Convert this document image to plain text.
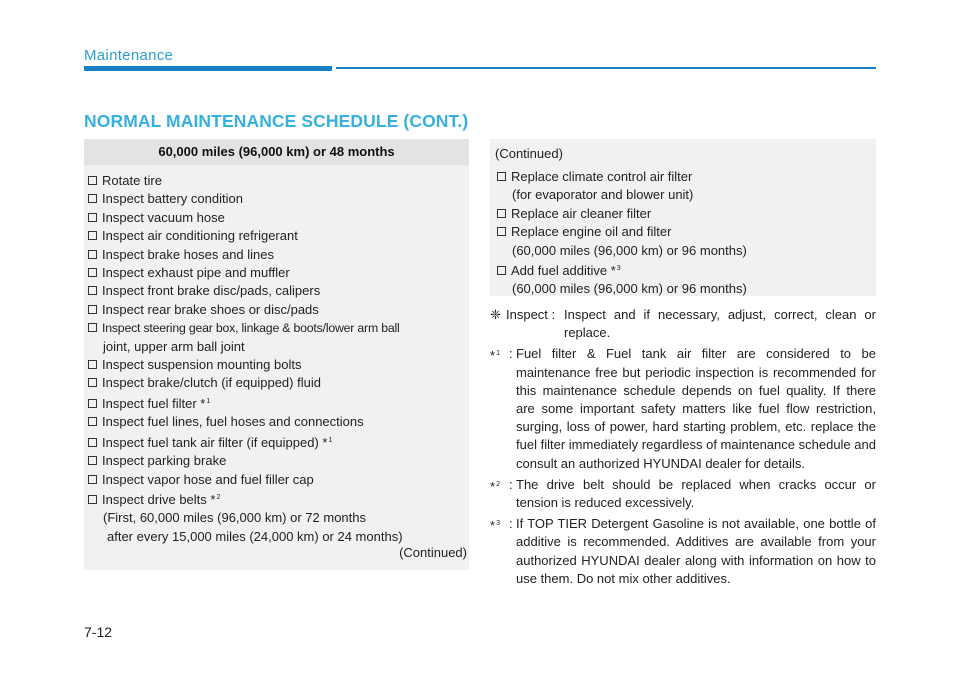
Maintenance
NORMAL MAINTENANCE SCHEDULE (CONT.)
60,000 miles (96,000 km) or 48 months
Rotate tire
Inspect battery condition
Inspect vacuum hose
Inspect air conditioning refrigerant
Inspect brake hoses and lines
Inspect exhaust pipe and muffler
Inspect front brake disc/pads, calipers
Inspect rear brake shoes or disc/pads
Inspect steering gear box, linkage & boots/lower arm ball
joint, upper arm ball joint
Inspect suspension mounting bolts
Inspect brake/clutch (if equipped) fluid
Inspect fuel filter *$^1$
Inspect fuel lines, fuel hoses and connections
Inspect fuel tank air filter (if equipped) *$^1$
Inspect parking brake
Inspect vapor hose and fuel filler cap
Inspect drive belts *$^2$
(First, 60,000 miles (96,000 km) or 72 months
after every 15,000 miles (24,000 km) or 24 months)
(Continued)
(Continued)
Replace climate control air filter
(for evaporator and blower unit)
Replace air cleaner filter
Replace engine oil and filter
(60,000 miles (96,000 km) or 96 months)
Add fuel additive *$^3$
(60,000 miles (96,000 km) or 96 months)
❈ Inspect : Inspect and if necessary, adjust, correct, clean or replace.
*$^1$ : Fuel filter & Fuel tank air filter are considered to be maintenance free but periodic inspection is recommended for this maintenance schedule depends on fuel quality. If there are some important safety matters like fuel flow restriction, surging, loss of power, hard starting problem, etc. replace the fuel filter immediately regardless of maintenance schedule and consult an authorized HYUNDAI dealer for details.
*$^2$ : The drive belt should be replaced when cracks occur or tension is reduced excessively.
*$^3$ : If TOP TIER Detergent Gasoline is not available, one bottle of additive is recommended. Additives are available from your authorized HYUNDAI dealer along with information on how to use them. Do not mix other additives.
7-12
